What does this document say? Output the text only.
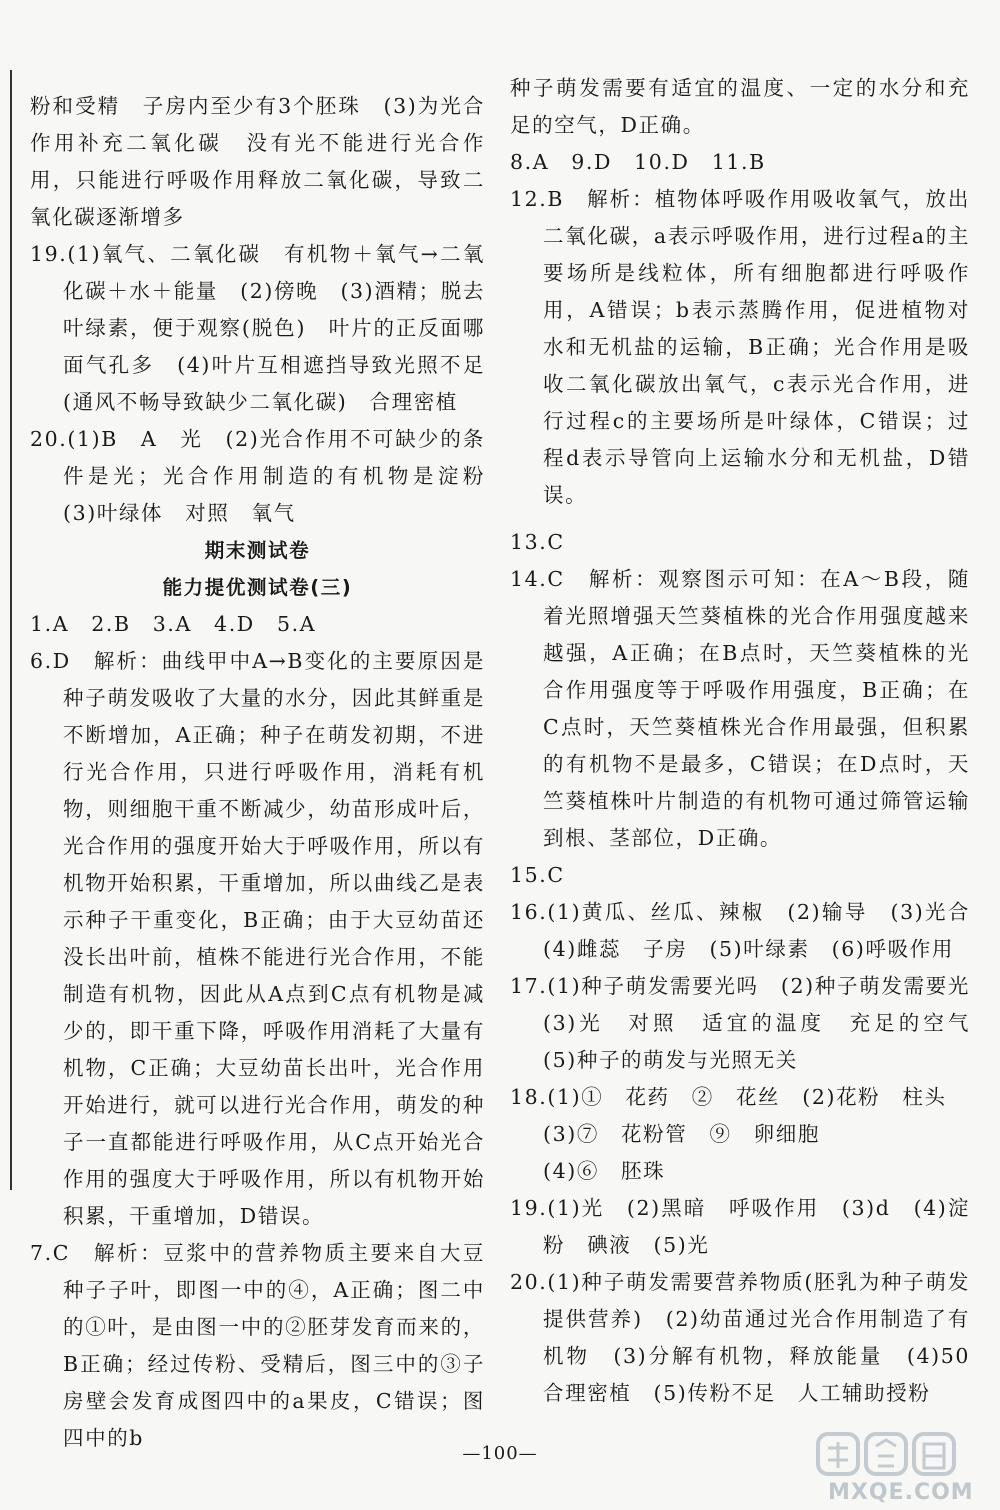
粉和受精　子房内至少有3个胚珠　(3)为光合作用补充二氧化碳　没有光不能进行光合作用，只能进行呼吸作用释放二氧化碳，导致二氧化碳逐渐增多

19.(1)氧气、二氧化碳　有机物＋氧气→二氧化碳＋水＋能量　(2)傍晚　(3)酒精；脱去叶绿素，便于观察(脱色)　叶片的正反面哪面气孔多　(4)叶片互相遮挡导致光照不足(通风不畅导致缺少二氧化碳)　合理密植

20.(1)B　A　光　(2)光合作用不可缺少的条件是光；光合作用制造的有机物是淀粉　(3)叶绿体　对照　氧气

期末测试卷

能力提优测试卷(三)

1.A　2.B　3.A　4.D　5.A

6.D　解析：曲线甲中A→B变化的主要原因是种子萌发吸收了大量的水分，因此其鲜重是不断增加，A正确；种子在萌发初期，不进行光合作用，只进行呼吸作用，消耗有机物，则细胞干重不断减少，幼苗形成叶后，光合作用的强度开始大于呼吸作用，所以有机物开始积累，干重增加，所以曲线乙是表示种子干重变化，B正确；由于大豆幼苗还没长出叶前，植株不能进行光合作用，不能制造有机物，因此从A点到C点有机物是减少的，即干重下降，呼吸作用消耗了大量有机物，C正确；大豆幼苗长出叶，光合作用开始进行，就可以进行光合作用，萌发的种子一直都能进行呼吸作用，从C点开始光合作用的强度大于呼吸作用，所以有机物开始积累，干重增加，D错误。

7.C　解析：豆浆中的营养物质主要来自大豆种子子叶，即图一中的④，A正确；图二中的①叶，是由图一中的②胚芽发育而来的，B正确；经过传粉、受精后，图三中的③子房壁会发育成图四中的a果皮，C错误；图四中的b

种子萌发需要有适宜的温度、一定的水分和充足的空气，D正确。

8.A　9.D　10.D　11.B

12.B　解析：植物体呼吸作用吸收氧气，放出二氧化碳，a表示呼吸作用，进行过程a的主要场所是线粒体，所有细胞都进行呼吸作用，A错误；b表示蒸腾作用，促进植物对水和无机盐的运输，B正确；光合作用是吸收二氧化碳放出氧气，c表示光合作用，进行过程c的主要场所是叶绿体，C错误；过程d表示导管向上运输水分和无机盐，D错误。

13.C

14.C　解析：观察图示可知：在A～B段，随着光照增强天竺葵植株的光合作用强度越来越强，A正确；在B点时，天竺葵植株的光合作用强度等于呼吸作用强度，B正确；在C点时，天竺葵植株光合作用最强，但积累的有机物不是最多，C错误；在D点时，天竺葵植株叶片制造的有机物可通过筛管运输到根、茎部位，D正确。

15.C

16.(1)黄瓜、丝瓜、辣椒　(2)输导　(3)光合　(4)雌蕊　子房　(5)叶绿素　(6)呼吸作用

17.(1)种子萌发需要光吗　(2)种子萌发需要光　(3)光　对照　适宜的温度　充足的空气　(5)种子的萌发与光照无关

18.(1)①　花药　②　花丝　(2)花粉　柱头
(3)⑦　花粉管　⑨　卵细胞
(4)⑥　胚珠

19.(1)光　(2)黑暗　呼吸作用　(3)d　(4)淀粉　碘液　(5)光

20.(1)种子萌发需要营养物质(胚乳为种子萌发提供营养)　(2)幼苗通过光合作用制造了有机物　(3)分解有机物，释放能量　(4)50　合理密植　(5)传粉不足　人工辅助授粉

—100—
MXQE.COM
